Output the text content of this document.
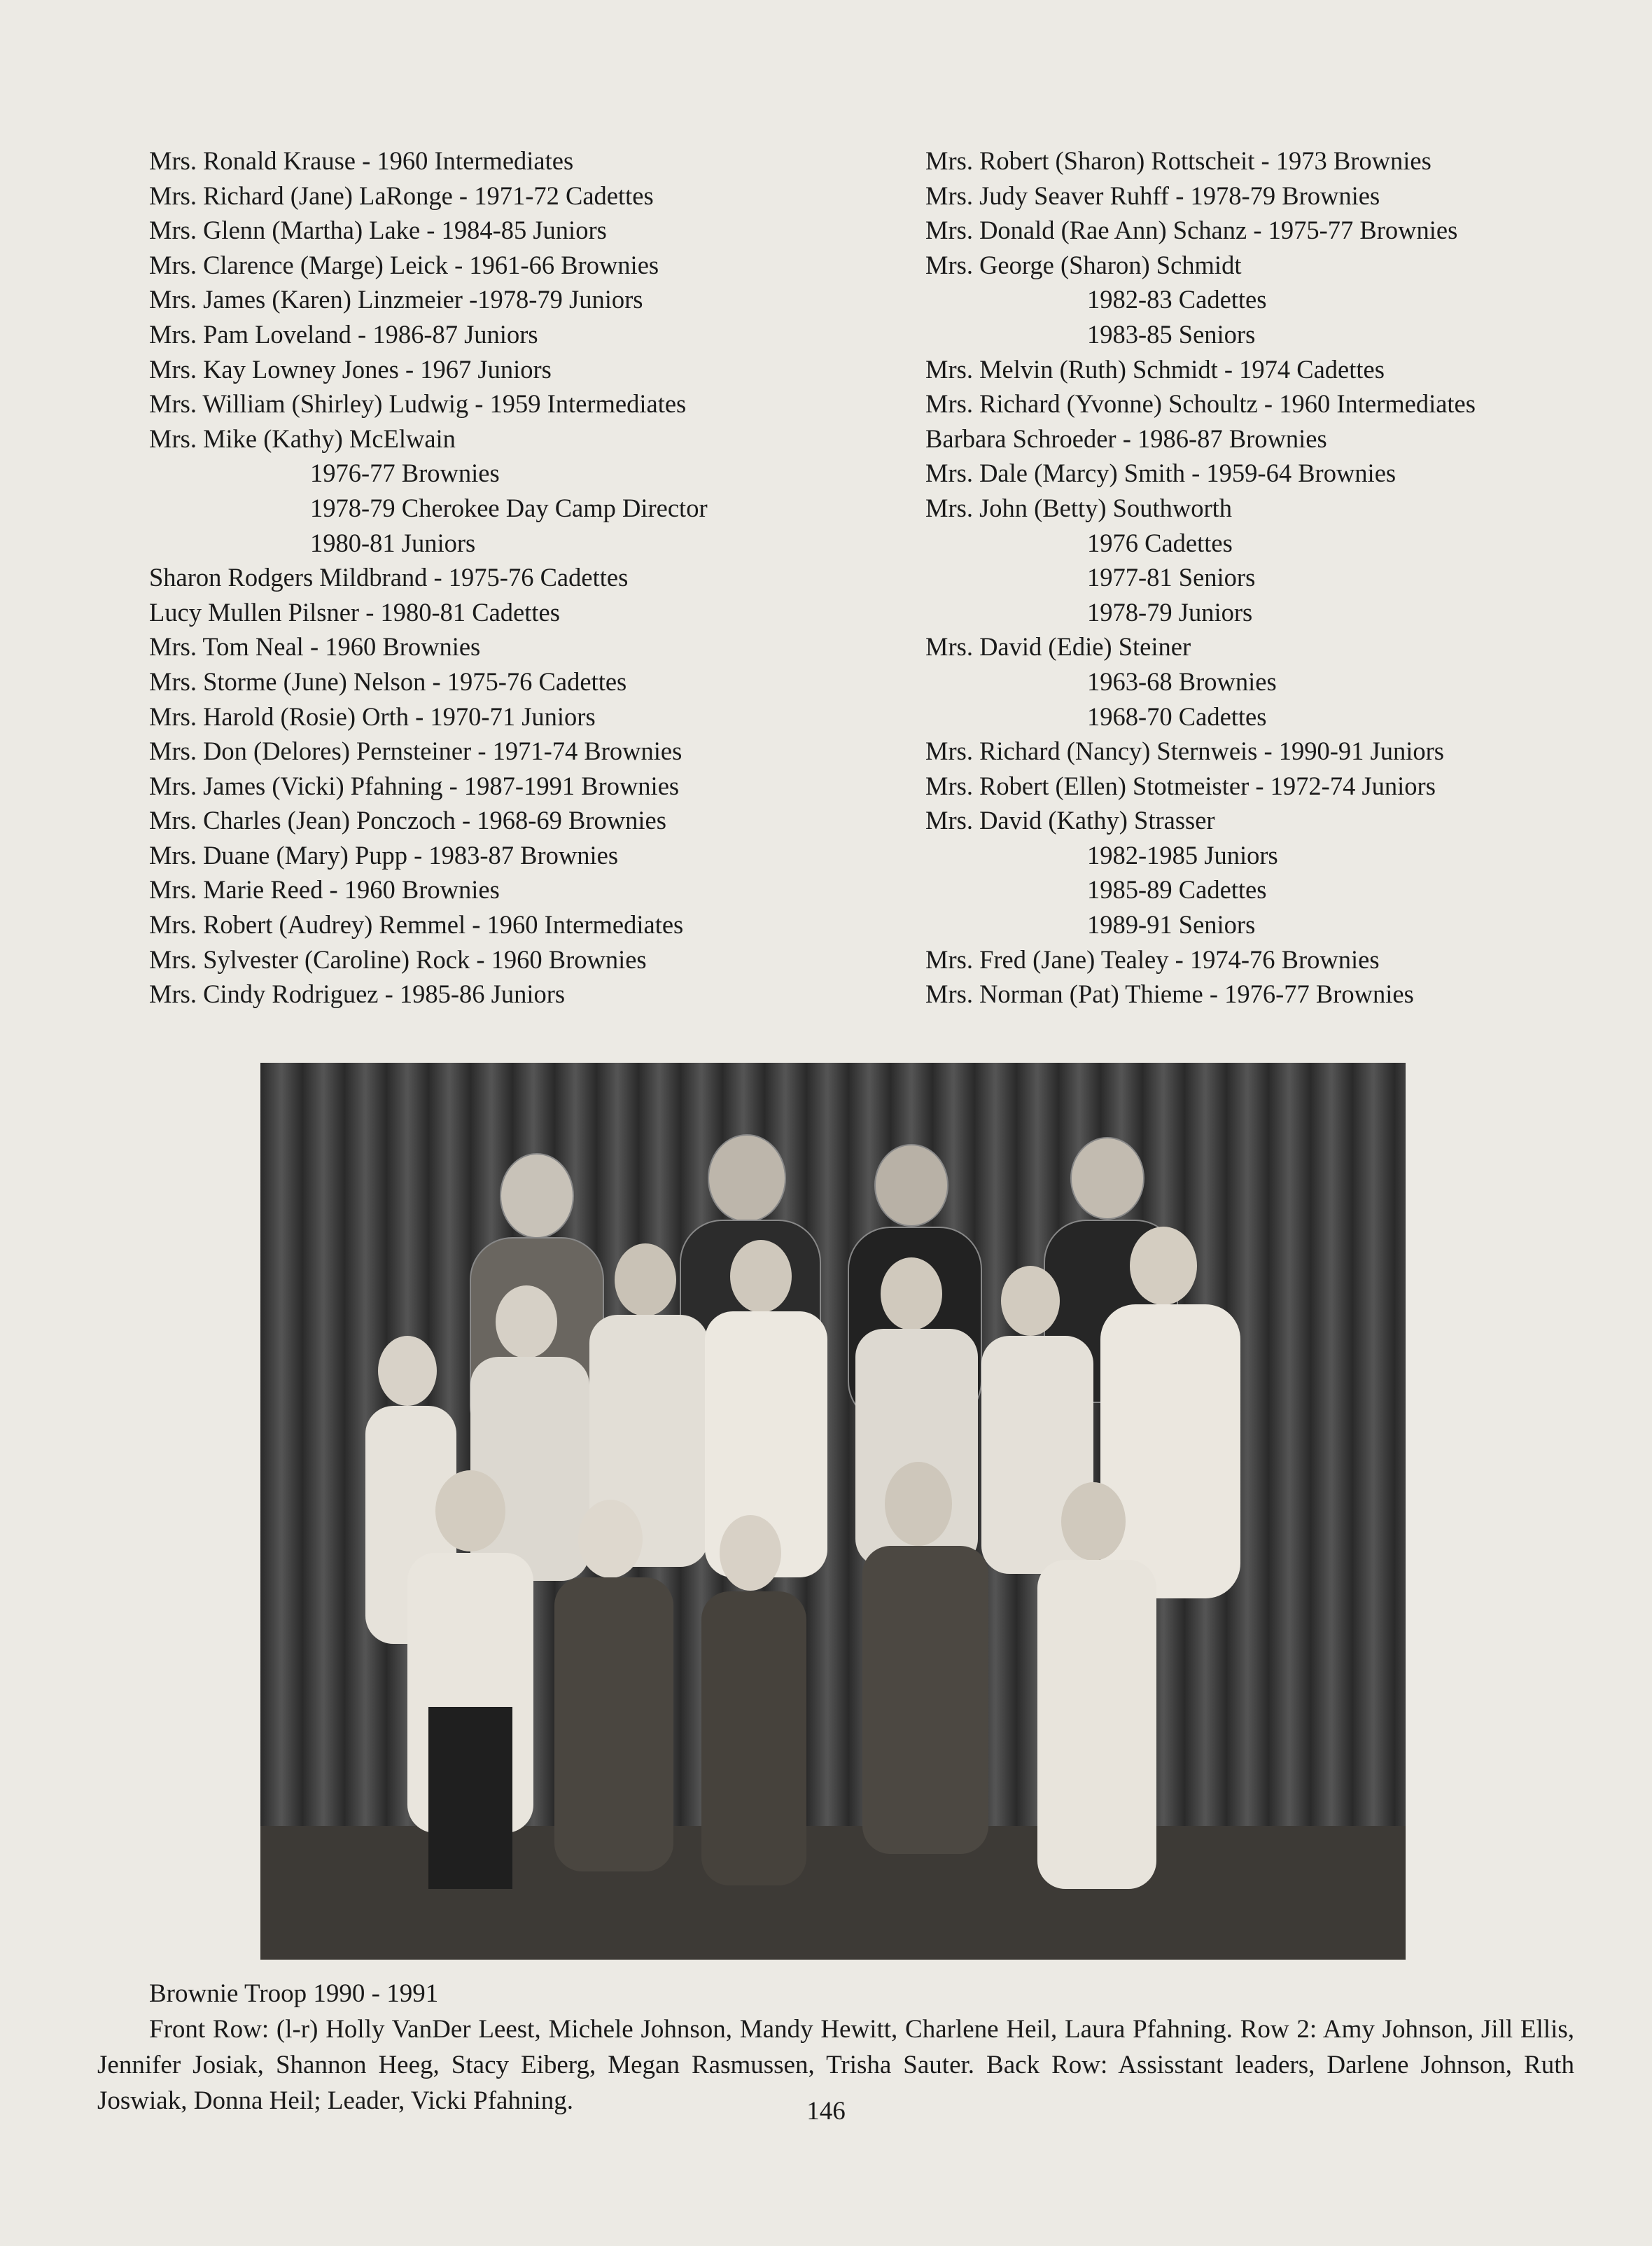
Mrs. Ronald Krause - 1960 Intermediates
Mrs. Richard (Jane) LaRonge - 1971-72 Cadettes
Mrs. Glenn (Martha) Lake - 1984-85 Juniors
Mrs. Clarence (Marge) Leick - 1961-66 Brownies
Mrs. James (Karen) Linzmeier -1978-79 Juniors
Mrs. Pam Loveland - 1986-87 Juniors
Mrs. Kay Lowney Jones - 1967 Juniors
Mrs. William (Shirley) Ludwig - 1959 Intermediates
Mrs. Mike (Kathy) McElwain
1976-77 Brownies
1978-79 Cherokee Day Camp Director
1980-81 Juniors
Sharon Rodgers Mildbrand - 1975-76 Cadettes
Lucy Mullen Pilsner - 1980-81 Cadettes
Mrs. Tom Neal - 1960 Brownies
Mrs. Storme (June) Nelson - 1975-76 Cadettes
Mrs. Harold (Rosie) Orth - 1970-71 Juniors
Mrs. Don (Delores) Pernsteiner - 1971-74 Brownies
Mrs. James (Vicki) Pfahning - 1987-1991 Brownies
Mrs. Charles (Jean) Ponczoch - 1968-69 Brownies
Mrs. Duane (Mary) Pupp - 1983-87 Brownies
Mrs. Marie Reed - 1960 Brownies
Mrs. Robert (Audrey) Remmel - 1960 Intermediates
Mrs. Sylvester (Caroline) Rock - 1960 Brownies
Mrs. Cindy Rodriguez - 1985-86 Juniors
Mrs. Robert (Sharon) Rottscheit - 1973 Brownies
Mrs. Judy Seaver Ruhff - 1978-79 Brownies
Mrs. Donald (Rae Ann) Schanz - 1975-77 Brownies
Mrs. George (Sharon) Schmidt
1982-83 Cadettes
1983-85 Seniors
Mrs. Melvin (Ruth) Schmidt - 1974 Cadettes
Mrs. Richard (Yvonne) Schoultz - 1960 Intermediates
Barbara Schroeder - 1986-87 Brownies
Mrs. Dale (Marcy) Smith - 1959-64 Brownies
Mrs. John (Betty) Southworth
1976 Cadettes
1977-81 Seniors
1978-79 Juniors
Mrs. David (Edie) Steiner
1963-68 Brownies
1968-70 Cadettes
Mrs. Richard (Nancy) Sternweis - 1990-91 Juniors
Mrs. Robert (Ellen) Stotmeister - 1972-74 Juniors
Mrs. David (Kathy) Strasser
1982-1985 Juniors
1985-89 Cadettes
1989-91 Seniors
Mrs. Fred (Jane) Tealey - 1974-76 Brownies
Mrs. Norman (Pat) Thieme - 1976-77 Brownies
Brownie Troop 1990 - 1991
Front Row: (l-r) Holly VanDer Leest, Michele Johnson, Mandy Hewitt, Charlene Heil, Laura Pfahning. Row 2: Amy Johnson, Jill Ellis, Jennifer Josiak, Shannon Heeg, Stacy Eiberg, Megan Rasmussen, Trisha Sauter. Back Row: Assisstant leaders, Darlene Johnson, Ruth Joswiak, Donna Heil; Leader, Vicki Pfahning.	146
